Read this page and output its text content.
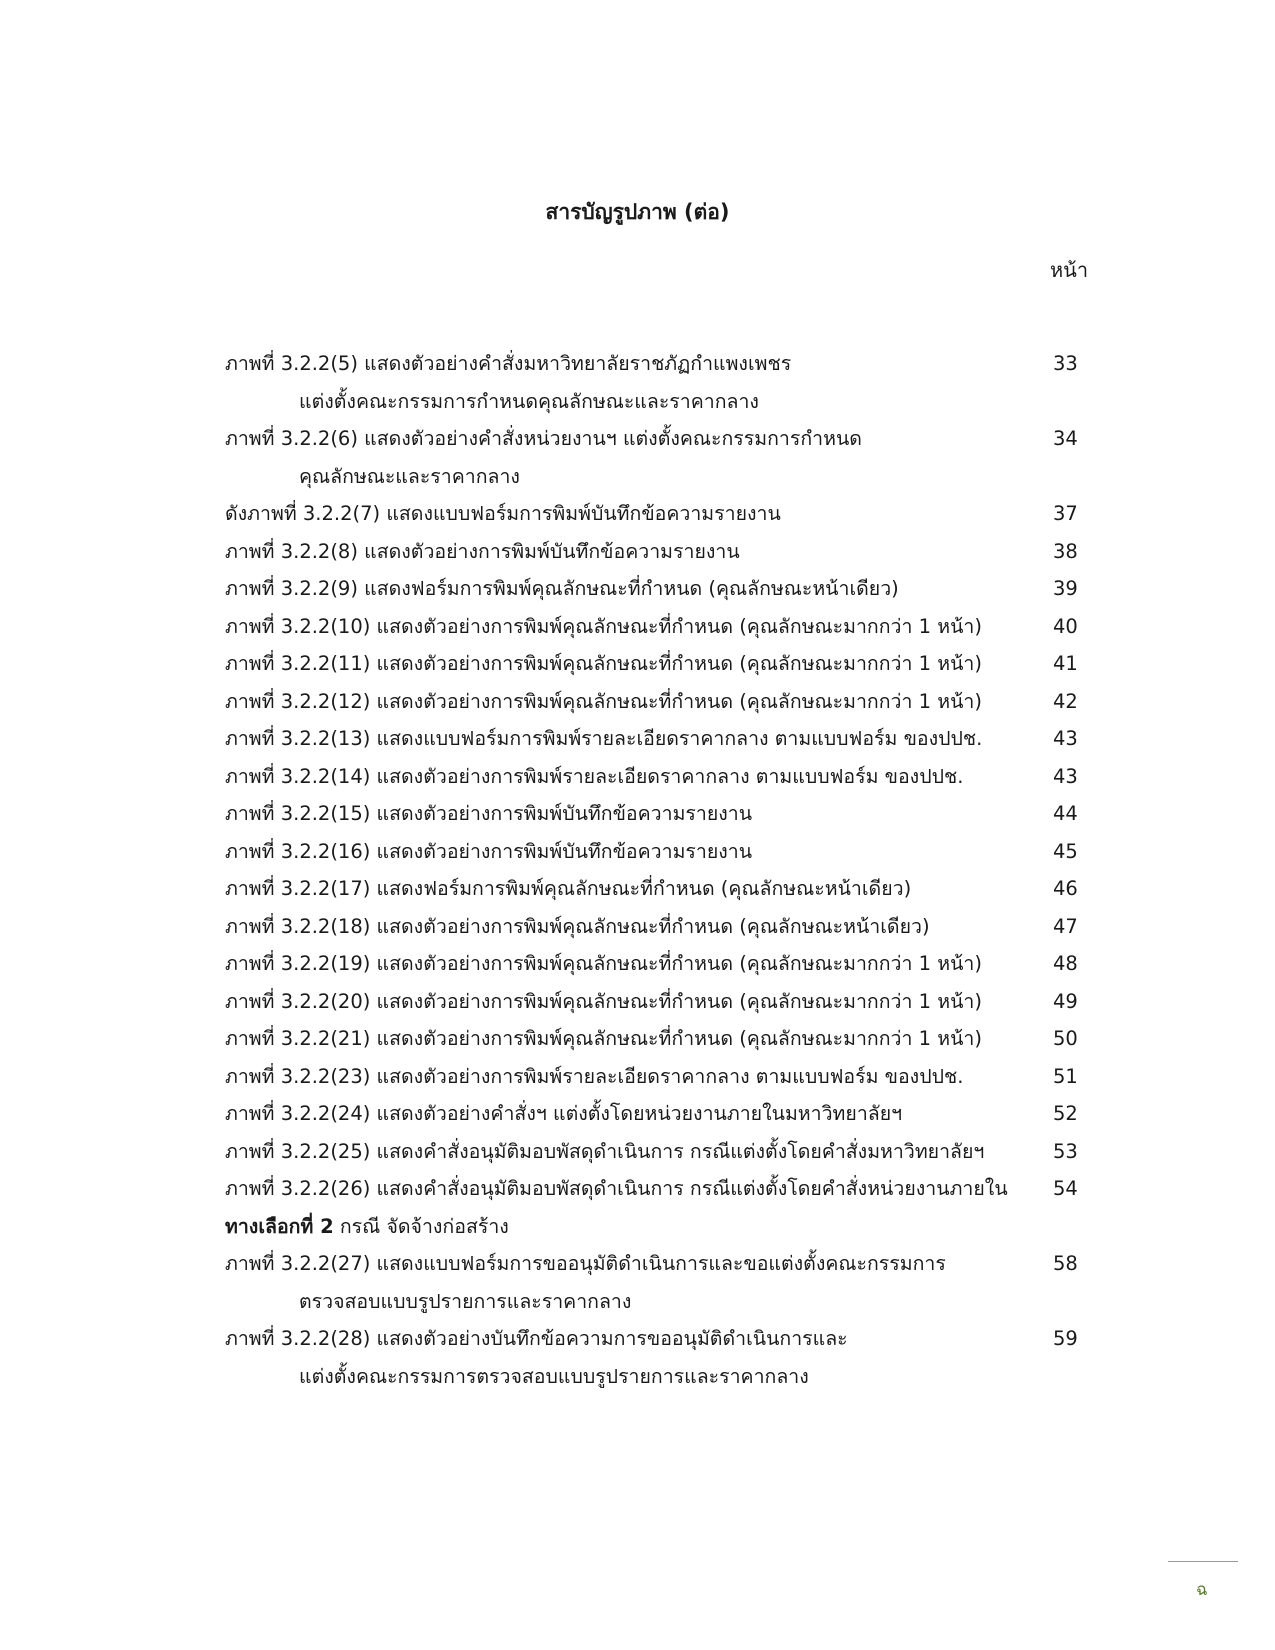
สารบัญรูปภาพ (ต่อ)
หน้า
ภาพที่ 3.2.2(5) แสดงตัวอย่างคำสั่งมหาวิทยาลัยราชภัฏกำแพงเพชร	33
แต่งตั้งคณะกรรมการกำหนดคุณลักษณะและราคากลาง
ภาพที่ 3.2.2(6) แสดงตัวอย่างคำสั่งหน่วยงานฯ แต่งตั้งคณะกรรมการกำหนด	34
คุณลักษณะและราคากลาง
ดังภาพที่ 3.2.2(7) แสดงแบบฟอร์มการพิมพ์บันทึกข้อความรายงาน	37
ภาพที่ 3.2.2(8) แสดงตัวอย่างการพิมพ์บันทึกข้อความรายงาน	38
ภาพที่ 3.2.2(9) แสดงฟอร์มการพิมพ์คุณลักษณะที่กำหนด (คุณลักษณะหน้าเดียว)	39
ภาพที่ 3.2.2(10) แสดงตัวอย่างการพิมพ์คุณลักษณะที่กำหนด (คุณลักษณะมากกว่า 1 หน้า)	40
ภาพที่ 3.2.2(11) แสดงตัวอย่างการพิมพ์คุณลักษณะที่กำหนด (คุณลักษณะมากกว่า 1 หน้า)	41
ภาพที่ 3.2.2(12) แสดงตัวอย่างการพิมพ์คุณลักษณะที่กำหนด (คุณลักษณะมากกว่า 1 หน้า)	42
ภาพที่ 3.2.2(13) แสดงแบบฟอร์มการพิมพ์รายละเอียดราคากลาง ตามแบบฟอร์ม ของปปช.	43
ภาพที่ 3.2.2(14) แสดงตัวอย่างการพิมพ์รายละเอียดราคากลาง ตามแบบฟอร์ม ของปปช.	43
ภาพที่ 3.2.2(15) แสดงตัวอย่างการพิมพ์บันทึกข้อความรายงาน	44
ภาพที่ 3.2.2(16) แสดงตัวอย่างการพิมพ์บันทึกข้อความรายงาน	45
ภาพที่ 3.2.2(17) แสดงฟอร์มการพิมพ์คุณลักษณะที่กำหนด (คุณลักษณะหน้าเดียว)	46
ภาพที่ 3.2.2(18) แสดงตัวอย่างการพิมพ์คุณลักษณะที่กำหนด (คุณลักษณะหน้าเดียว)	47
ภาพที่ 3.2.2(19) แสดงตัวอย่างการพิมพ์คุณลักษณะที่กำหนด (คุณลักษณะมากกว่า 1 หน้า)	48
ภาพที่ 3.2.2(20) แสดงตัวอย่างการพิมพ์คุณลักษณะที่กำหนด (คุณลักษณะมากกว่า 1 หน้า)	49
ภาพที่ 3.2.2(21) แสดงตัวอย่างการพิมพ์คุณลักษณะที่กำหนด (คุณลักษณะมากกว่า 1 หน้า)	50
ภาพที่ 3.2.2(23) แสดงตัวอย่างการพิมพ์รายละเอียดราคากลาง ตามแบบฟอร์ม ของปปช.	51
ภาพที่ 3.2.2(24) แสดงตัวอย่างคำสั่งฯ แต่งตั้งโดยหน่วยงานภายในมหาวิทยาลัยฯ	52
ภาพที่ 3.2.2(25) แสดงคำสั่งอนุมัติมอบพัสดุดำเนินการ กรณีแต่งตั้งโดยคำสั่งมหาวิทยาลัยฯ	53
ภาพที่ 3.2.2(26) แสดงคำสั่งอนุมัติมอบพัสดุดำเนินการ กรณีแต่งตั้งโดยคำสั่งหน่วยงานภายใน 54
ทางเลือกที่ 2 กรณี จัดจ้างก่อสร้าง
ภาพที่ 3.2.2(27) แสดงแบบฟอร์มการขออนุมัติดำเนินการและขอแต่งตั้งคณะกรรมการ	58
ตรวจสอบแบบรูปรายการและราคากลาง
ภาพที่ 3.2.2(28) แสดงตัวอย่างบันทึกข้อความการขออนุมัติดำเนินการและ	59
แต่งตั้งคณะกรรมการตรวจสอบแบบรูปรายการและราคากลาง
ฉ
